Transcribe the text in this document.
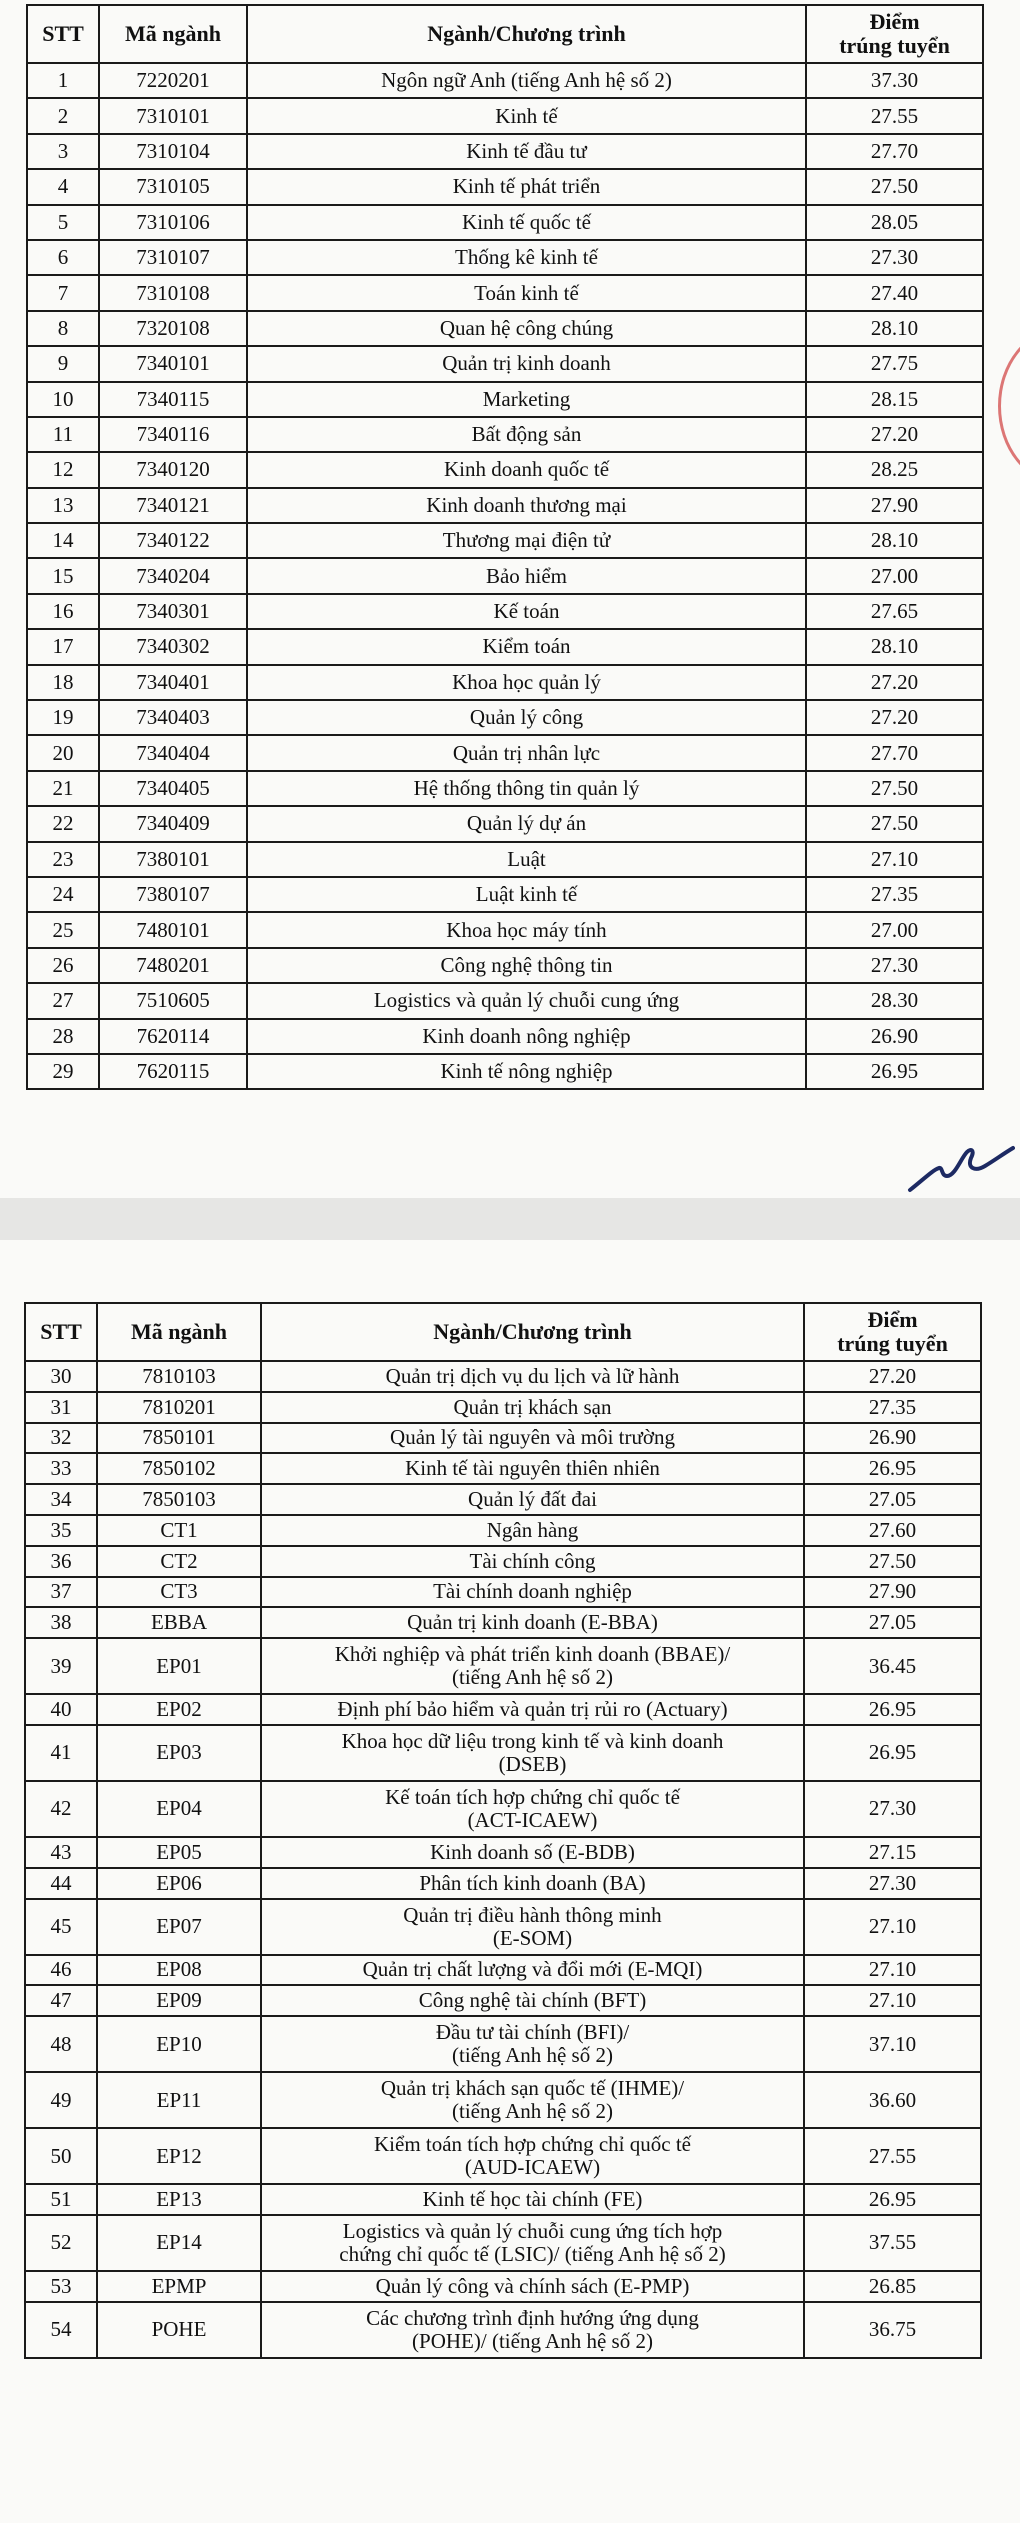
STT	Mã ngành	Ngành/Chương trình	Điểm
trúng tuyển
1	7220201	Ngôn ngữ Anh (tiếng Anh hệ số 2)	37.30
2	7310101	Kinh tế	27.55
3	7310104	Kinh tế đầu tư	27.70
4	7310105	Kinh tế phát triển	27.50
5	7310106	Kinh tế quốc tế	28.05
6	7310107	Thống kê kinh tế	27.30
7	7310108	Toán kinh tế	27.40
8	7320108	Quan hệ công chúng	28.10
9	7340101	Quản trị kinh doanh	27.75
10	7340115	Marketing	28.15
11	7340116	Bất động sản	27.20
12	7340120	Kinh doanh quốc tế	28.25
13	7340121	Kinh doanh thương mại	27.90
14	7340122	Thương mại điện tử	28.10
15	7340204	Bảo hiểm	27.00
16	7340301	Kế toán	27.65
17	7340302	Kiểm toán	28.10
18	7340401	Khoa học quản lý	27.20
19	7340403	Quản lý công	27.20
20	7340404	Quản trị nhân lực	27.70
21	7340405	Hệ thống thông tin quản lý	27.50
22	7340409	Quản lý dự án	27.50
23	7380101	Luật	27.10
24	7380107	Luật kinh tế	27.35
25	7480101	Khoa học máy tính	27.00
26	7480201	Công nghệ thông tin	27.30
27	7510605	Logistics và quản lý chuỗi cung ứng	28.30
28	7620114	Kinh doanh nông nghiệp	26.90
29	7620115	Kinh tế nông nghiệp	26.95
STT	Mã ngành	Ngành/Chương trình	Điểm
trúng tuyển
30	7810103	Quản trị dịch vụ du lịch và lữ hành	27.20
31	7810201	Quản trị khách sạn	27.35
32	7850101	Quản lý tài nguyên và môi trường	26.90
33	7850102	Kinh tế tài nguyên thiên nhiên	26.95
34	7850103	Quản lý đất đai	27.05
35	CT1	Ngân hàng	27.60
36	CT2	Tài chính công	27.50
37	CT3	Tài chính doanh nghiệp	27.90
38	EBBA	Quản trị kinh doanh (E-BBA)	27.05
39	EP01	Khởi nghiệp và phát triển kinh doanh (BBAE)/
(tiếng Anh hệ số 2)	36.45
40	EP02	Định phí bảo hiểm và quản trị rủi ro (Actuary)	26.95
41	EP03	Khoa học dữ liệu trong kinh tế và kinh doanh
(DSEB)	26.95
42	EP04	Kế toán tích hợp chứng chỉ quốc tế
(ACT-ICAEW)	27.30
43	EP05	Kinh doanh số (E-BDB)	27.15
44	EP06	Phân tích kinh doanh (BA)	27.30
45	EP07	Quản trị điều hành thông minh
(E-SOM)	27.10
46	EP08	Quản trị chất lượng và đổi mới (E-MQI)	27.10
47	EP09	Công nghệ tài chính (BFT)	27.10
48	EP10	Đầu tư tài chính (BFI)/
(tiếng Anh hệ số 2)	37.10
49	EP11	Quản trị khách sạn quốc tế (IHME)/
(tiếng Anh hệ số 2)	36.60
50	EP12	Kiểm toán tích hợp chứng chỉ quốc tế
(AUD-ICAEW)	27.55
51	EP13	Kinh tế học tài chính (FE)	26.95
52	EP14	Logistics và quản lý chuỗi cung ứng tích hợp
chứng chỉ quốc tế (LSIC)/ (tiếng Anh hệ số 2)	37.55
53	EPMP	Quản lý công và chính sách (E-PMP)	26.85
54	POHE	Các chương trình định hướng ứng dụng
(POHE)/ (tiếng Anh hệ số 2)	36.75
